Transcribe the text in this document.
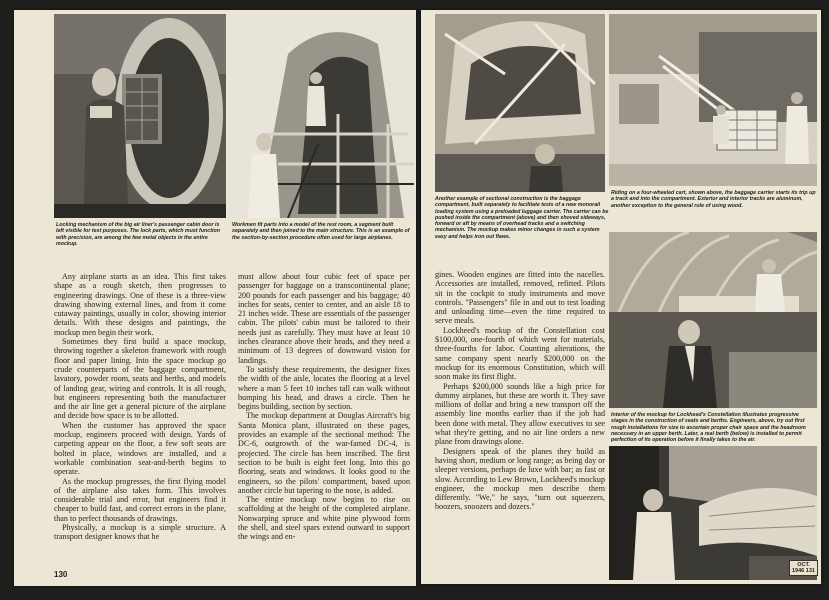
Locking mechanism of the big air liner's passenger cabin door is left visible for test purposes. The lock parts, which must function with precision, are among the few metal objects in the entire mockup.

Workmen fit parts into a model of the rest room, a segment built separately and then joined to the main structure. This is an example of the section-by-section procedure often used for large airplanes.

Any airplane starts as an idea. This first takes shape as a rough sketch, then progresses to engineering drawings. One of these is a three-view drawing showing external lines, and from it come cutaway paintings, usually in color, showing interior details. With these designs and paintings, the mockup men begin their work.

Sometimes they first build a space mockup, throwing together a skeleton framework with rough floor and paper lining. Into the space mockup go crude counterparts of the baggage compartment, lavatory, powder room, seats and berths, and models of landing gear, wiring and controls. It is all rough, but engineers representing both the manufacturer and the air line get a general picture of the airplane and decide how space is to be allotted.

When the customer has approved the space mockup, engineers proceed with design. Yards of carpeting appear on the floor, a few soft seats are bolted in place, windows are installed, and a workable combination seat-and-berth begins to operate.

As the mockup progresses, the first flying model of the airplane also takes form. This involves considerable trial and error, but engineers find it cheaper to build fast, and correct errors in the plane, than to perfect thousands of drawings.

Physically, a mockup is a simple structure. A transport designer knows that he

must allow about four cubic feet of space per passenger for baggage on a transcontinental plane; 200 pounds for each passenger and his baggage; 40 inches for seats, center to center, and an aisle 18 to 21 inches wide. These are essentials of the passenger cabin. The pilots' cabin must be tailored to their needs just as carefully. They must have at least 10 inches clearance above their heads, and they need a minimum of 13 degrees of downward vision for landings.

To satisfy these requirements, the designer fixes the width of the aisle, locates the flooring at a level where a man 5 feet 10 inches tall can walk without bumping his head, and draws a circle. Then he begins building, section by section.

The mockup department at Douglas Aircraft's big Santa Monica plant, illustrated on these pages, provides an example of the sectional method: The DC-6, outgrowth of the war-famed DC-4, is projected. The circle has been inscribed. The first section to be built is eight feet long. Into this go flooring, seats and windows. It looks good to the engineers, so the pilots' compartment, based upon another circle but tapering to the nose, is added.

The entire mockup now begins to rise on scaffolding at the height of the completed airplane. Nonwarping spruce and white pine plywood form the shell, and steel spars extend outward to support the wings and en-

130

Another example of sectional construction is the baggage compartment, built separately to facilitate tests of a new monorail loading system using a preloaded luggage carrier. The carrier can be pushed inside the compartment (above) and then shoved sideways, forward or aft by means of overhead tracks and a switching mechanism. The mockup makes minor changes in such a system easy and helps iron out flaws.

Riding on a four-wheeled cart, shown above, the baggage carrier starts its trip up a track and into the compartment. Exterior and interior tracks are aluminum, another exception to the general rule of using wood.

Interior of the mockup for Lockheed's Constellation illustrates progressive stages in the construction of seats and berths. Engineers, above, try out first rough installations for size to ascertain proper chair space and the headroom necessary in an upper berth. Later, a real berth (below) is installed to permit perfection of its operation before it finally takes to the air.

gines. Wooden engines are fitted into the nacelles. Accessories are installed, removed, refitted. Pilots sit in the cockpit to study instruments and move controls. "Passengers" file in and out to test loading and unloading time—even the time required to serve meals.

Lockheed's mockup of the Constellation cost $100,000, one-fourth of which went for materials, three-fourths for labor. Counting alterations, the same company spent nearly $200,000 on the mockup for its enormous Constitution, which will soon make its first flight.

Perhaps $200,000 sounds like a high price for dummy airplanes, but these are worth it. They save millions of dollar and bring a new transport off the assembly line months earlier than if the job had been done with metal. They allow executives to see what they're getting, and no air line orders a new plane from drawings alone.

Designers speak of the planes they build as having short, medium or long range; as being day or sleeper versions, perhaps de luxe with bar; as fast or slow. According to Lew Brown, Lockheed's mockup engineer, the mockup men describe them differently. "We," he says, "turn out squeezers, boozers, snoozers and dozers."

OCT.
1946 131
